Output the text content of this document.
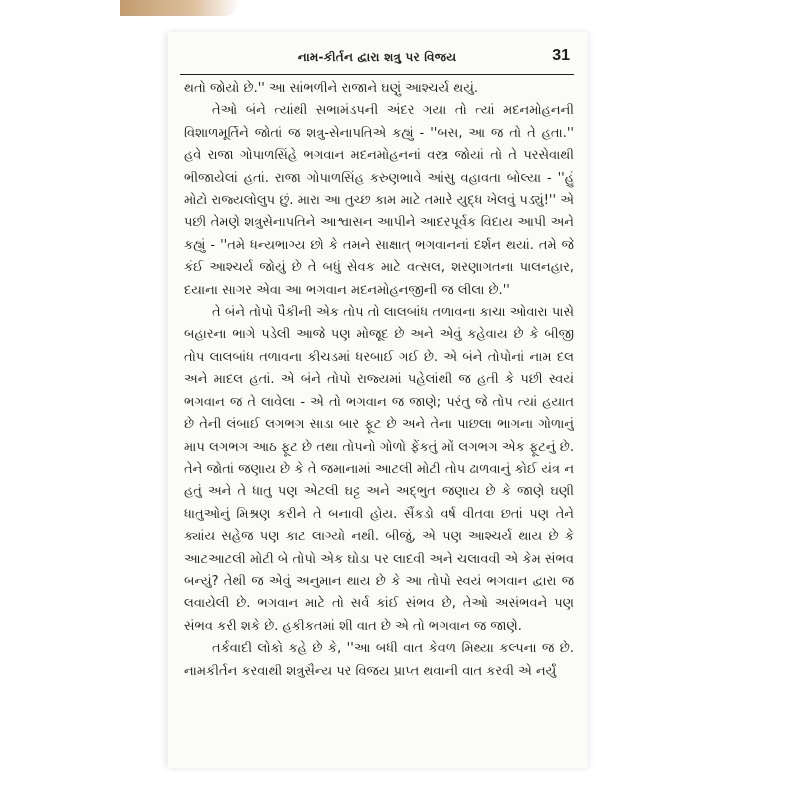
નામ-કીર્તન દ્વારા શત્રુ પર વિજય	31

થતો જોયો છે.'' આ સાંભળીને રાજાને ઘણું આશ્ચર્ય થયું.

તેઓ બંને ત્યાંથી સભામંડપની અંદર ગયા તો ત્યાં મદનમોહનની વિશાળમૂર્તિને જોતાં જ શત્રુ-સેનાપતિએ કહ્યું - ''બસ, આ જ તો તે હતા.'' હવે રાજા ગોપાળસિંહે ભગવાન મદનમોહનનાં વસ્ત્ર જોયાં તો તે પરસેવાથી ભીજાયેલાં હતાં. રાજા ગોપાળસિંહ કરુણભાવે આંસુ વહાવતા બોલ્યા - ''હું મોટો રાજ્યલોલુપ છું. મારા આ તુચ્છ કામ માટે તમારે યુદ્ધ ખેલવું પડ્યું!'' એ પછી તેમણે શત્રુસેનાપતિને આશ્વાસન આપીને આદરપૂર્વક વિદાય આપી અને કહ્યું - ''તમે ધન્યભાગ્ય છો કે તમને સાક્ષાત્ ભગવાનનાં દર્શન થયાં. તમે જે કંઈ આશ્ચર્ય જોયું છે તે બધું સેવક માટે વત્સલ, શરણાગતના પાલનહાર, દયાના સાગર એવા આ ભગવાન મદનમોહનજીની જ લીલા છે.''

તે બંને તોપો પૈકીની એક તોપ તો લાલબાંધ તળાવના કાચા ઓવારા પાસે બહારના ભાગે પડેલી આજે પણ મોજૂદ છે અને એવું કહેવાય છે કે બીજી તોપ લાલબાંધ તળાવના કીચડમાં ધરબાઈ ગઈ છે. એ બંને તોપોનાં નામ દલ અને માદલ હતાં. એ બંને તોપો રાજ્યમાં પહેલાંથી જ હતી કે પછી સ્વયં ભગવાન જ તે લાવેલા - એ તો ભગવાન જ જાણે; પરંતુ જે તોપ ત્યાં હયાત છે તેની લંબાઈ લગભગ સાડા બાર ફૂટ છે અને તેના પાછલા ભાગના ગોળાનું માપ લગભગ આઠ ફૂટ છે તથા તોપનો ગોળો ફેંકતું મોં લગભગ એક ફૂટનું છે. તેને જોતાં જણાય છે કે તે જમાનામાં આટલી મોટી તોપ ઢાળવાનું કોઈ યંત્ર ન હતું અને તે ધાતુ પણ એટલી ઘટ્ટ અને અદ્ભુત જણાય છે કે જાણે ઘણી ધાતુઓનું મિશ્રણ કરીને તે બનાવી હોય. સૈંકડો વર્ષ વીતવા છતાં પણ તેને ક્યાંય સહેજ પણ કાટ લાગ્યો નથી. બીજું, એ પણ આશ્ચર્ય થાય છે કે આટઆટલી મોટી બે તોપો એક ઘોડા પર લાદવી અને ચલાવવી એ કેમ સંભવ બન્યું? તેથી જ એવું અનુમાન થાય છે કે આ તોપો સ્વયં ભગવાન દ્વારા જ લવાયેલી છે. ભગવાન માટે તો સર્વ કાંઈ સંભવ છે, તેઓ અસંભવને પણ સંભવ કરી શકે છે. હકીકતમાં શી વાત છે એ તો ભગવાન જ જાણે.

તર્કવાદી લોકો કહે છે કે, ''આ બધી વાત કેવળ મિથ્યા કલ્પના જ છે. નામકીર્તન કરવાથી શત્રુસૈન્ય પર વિજય પ્રાપ્ત થવાની વાત કરવી એ નર્યું
